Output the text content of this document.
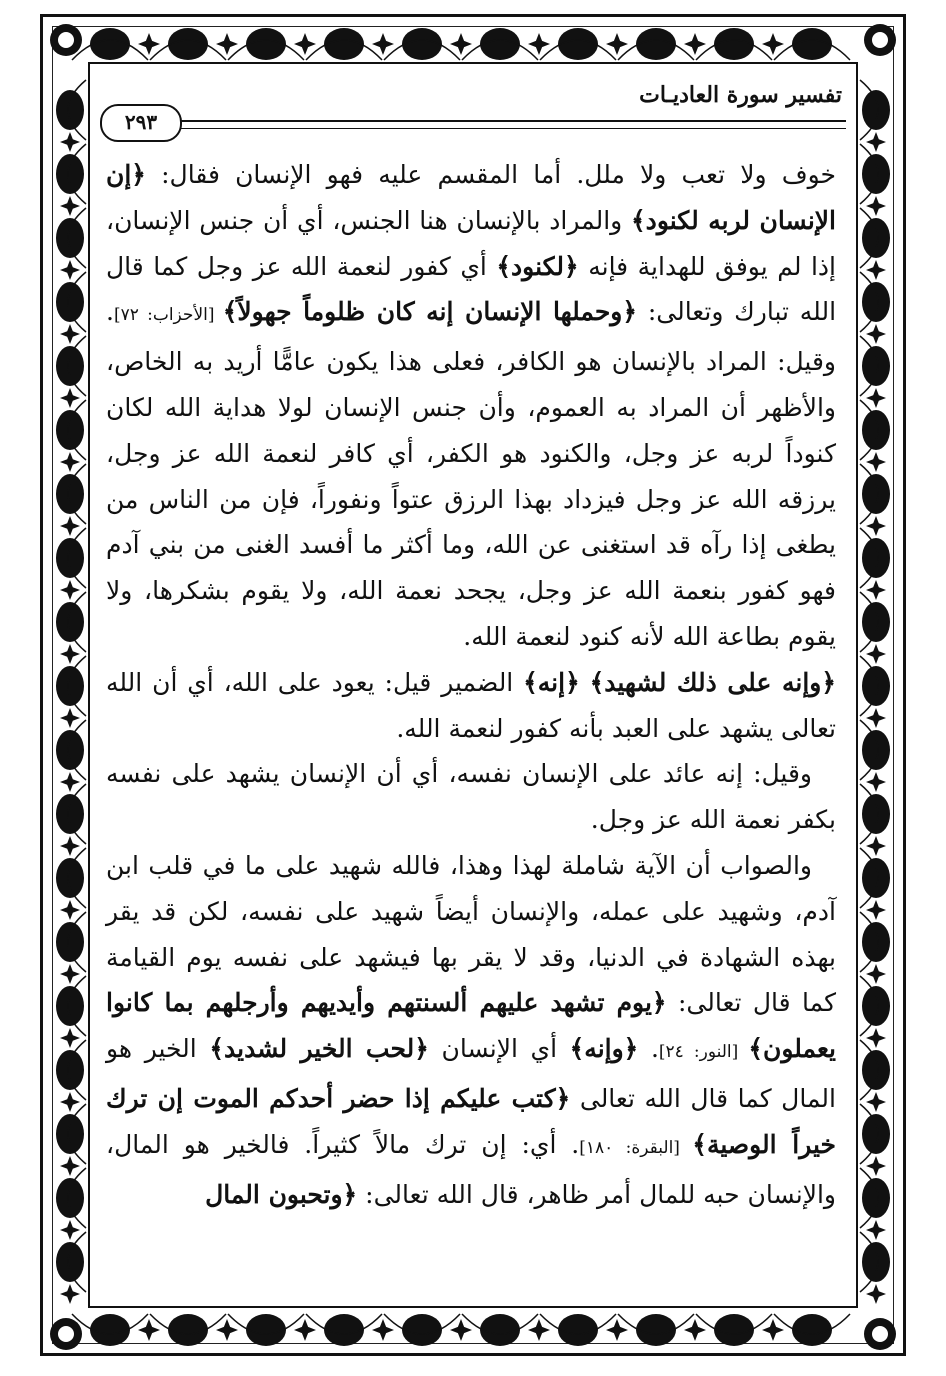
تفسير سورة العاديـات
٢٩٣

خوف ولا تعب ولا ملل. أما المقسم عليه فهو الإنسان فقال: ﴿إن الإنسان لربه لكنود﴾ والمراد بالإنسان هنا الجنس، أي أن جنس الإنسان، إذا لم يوفق للهداية فإنه ﴿لكنود﴾ أي كفور لنعمة الله عز وجل كما قال الله تبارك وتعالى: ﴿وحملها الإنسان إنه كان ظلوماً جهولاً﴾ [الأحزاب: ٧٢]. وقيل: المراد بالإنسان هو الكافر، فعلى هذا يكون عامًّا أريد به الخاص، والأظهر أن المراد به العموم، وأن جنس الإنسان لولا هداية الله لكان كنوداً لربه عز وجل، والكنود هو الكفر، أي كافر لنعمة الله عز وجل، يرزقه الله عز وجل فيزداد بهذا الرزق عتواً ونفوراً، فإن من الناس من يطغى إذا رآه قد استغنى عن الله، وما أكثر ما أفسد الغنى من بني آدم فهو كفور بنعمة الله عز وجل، يجحد نعمة الله، ولا يقوم بشكرها، ولا يقوم بطاعة الله لأنه كنود لنعمة الله.

﴿وإنه على ذلك لشهيد﴾ ﴿إنه﴾ الضمير قيل: يعود على الله، أي أن الله تعالى يشهد على العبد بأنه كفور لنعمة الله.

وقيل: إنه عائد على الإنسان نفسه، أي أن الإنسان يشهد على نفسه بكفر نعمة الله عز وجل.

والصواب أن الآية شاملة لهذا وهذا، فالله شهيد على ما في قلب ابن آدم، وشهيد على عمله، والإنسان أيضاً شهيد على نفسه، لكن قد يقر بهذه الشهادة في الدنيا، وقد لا يقر بها فيشهد على نفسه يوم القيامة كما قال تعالى: ﴿يوم تشهد عليهم ألسنتهم وأيديهم وأرجلهم بما كانوا يعملون﴾ [النور: ٢٤]. ﴿وإنه﴾ أي الإنسان ﴿لحب الخير لشديد﴾ الخير هو المال كما قال الله تعالى ﴿كتب عليكم إذا حضر أحدكم الموت إن ترك خيراً الوصية﴾ [البقرة: ١٨٠]. أي: إن ترك مالاً كثيراً. فالخير هو المال، والإنسان حبه للمال أمر ظاهر، قال الله تعالى: ﴿وتحبون المال
